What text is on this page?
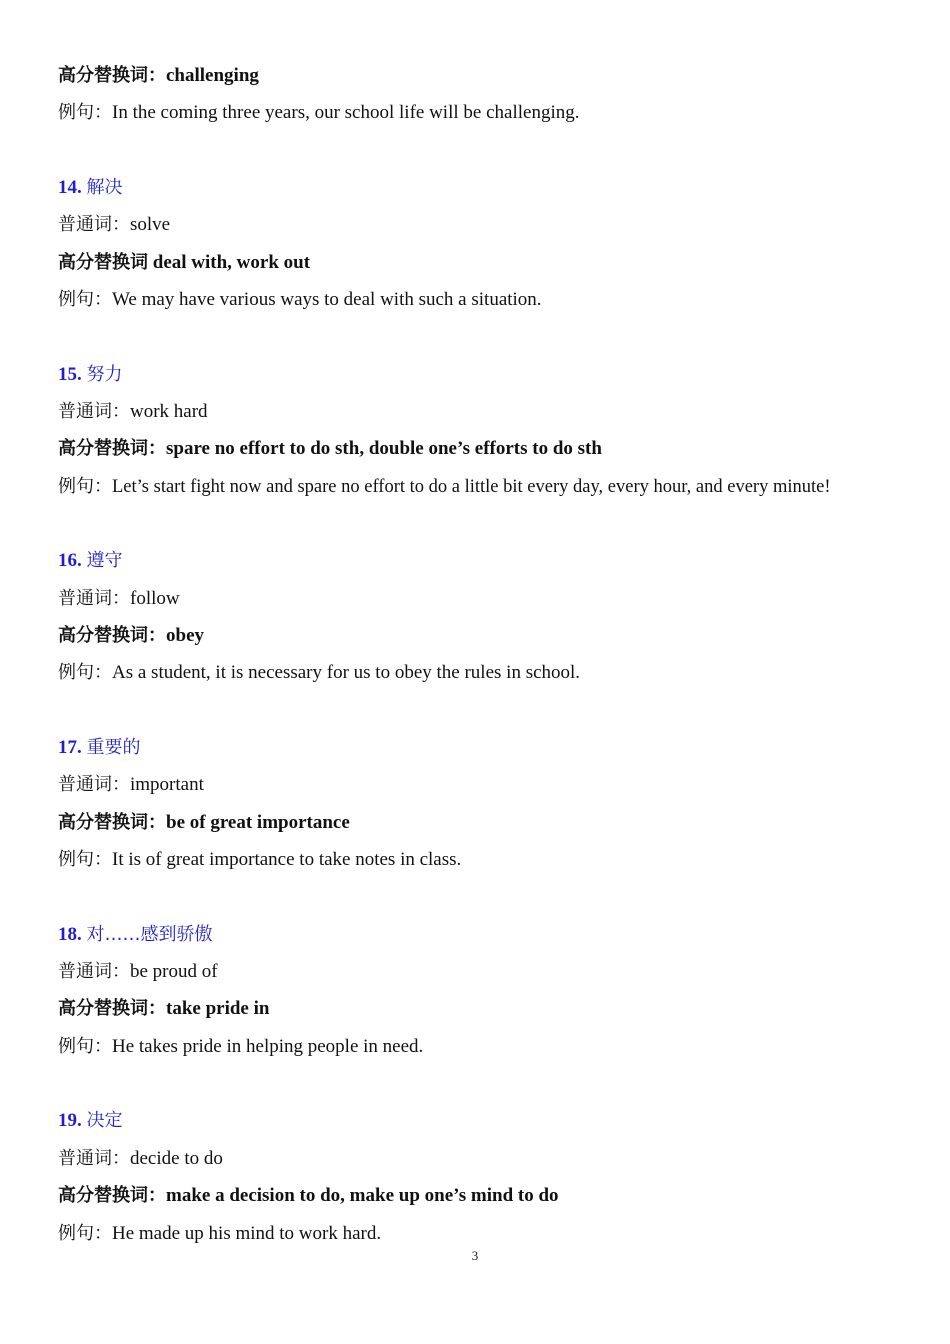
高分替换词：challenging
例句：In the coming three years, our school life will be challenging.
14. 解决
普通词：solve
高分替换词 deal with, work out
例句：We may have various ways to deal with such a situation.
15. 努力
普通词：work hard
高分替换词：spare no effort to do sth, double one’s efforts to do sth
例句：Let’s start fight now and spare no effort to do a little bit every day, every hour, and every minute!
16. 遵守
普通词：follow
高分替换词：obey
例句：As a student, it is necessary for us to obey the rules in school.
17. 重要的
普通词：important
高分替换词：be of great importance
例句：It is of great importance to take notes in class.
18. 对……感到骄傲
普通词：be proud of
高分替换词：take pride in
例句：He takes pride in helping people in need.
19. 决定
普通词：decide to do
高分替换词：make a decision to do, make up one’s mind to do
例句：He made up his mind to work hard.
3
